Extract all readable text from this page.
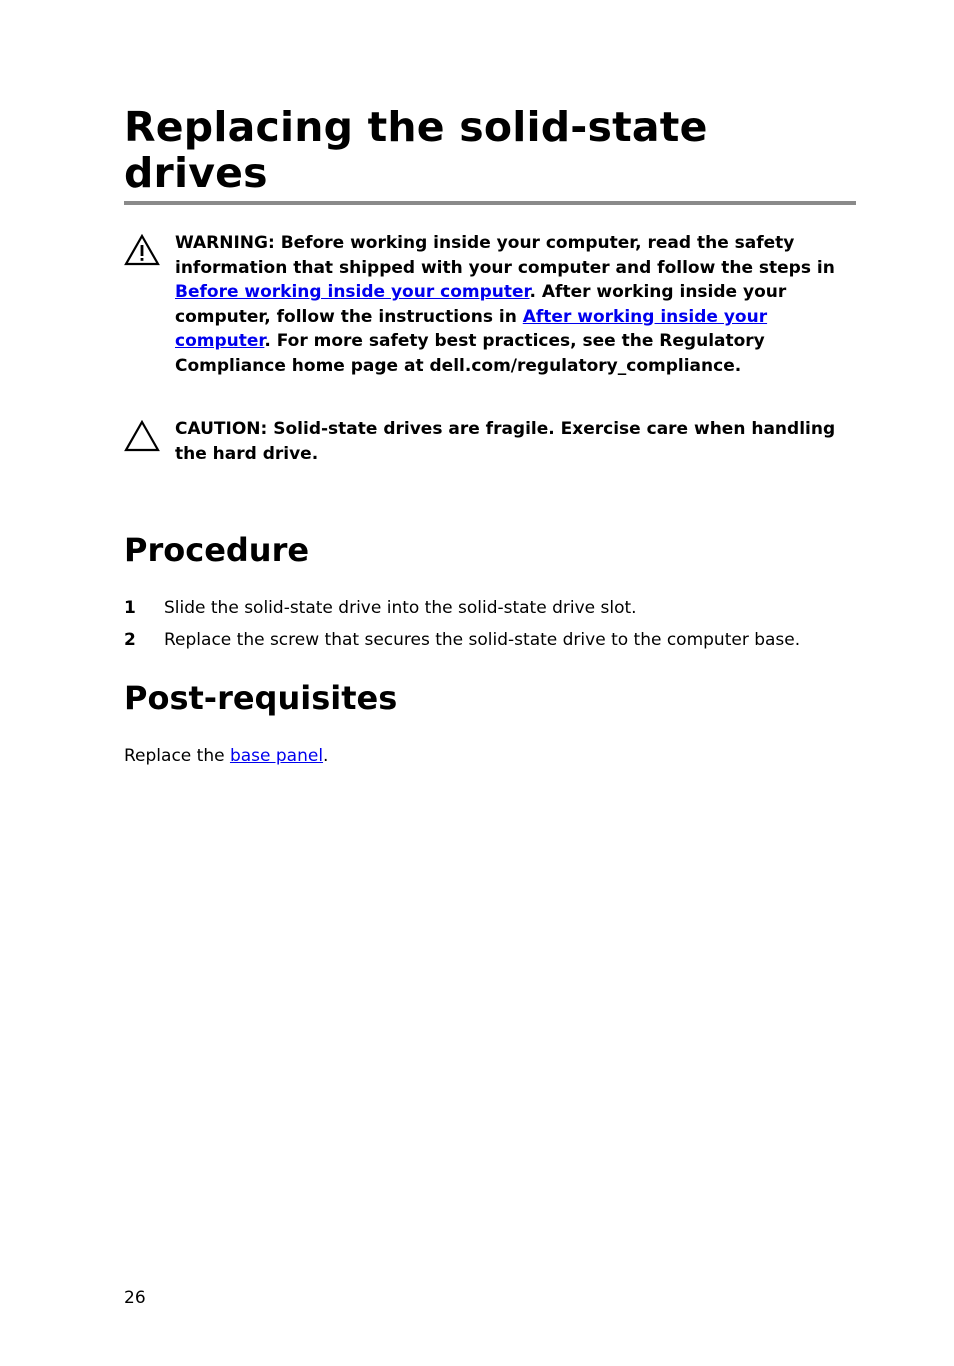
Replacing the solid-state drives

WARNING: Before working inside your computer, read the safety information that shipped with your computer and follow the steps in Before working inside your computer. After working inside your computer, follow the instructions in After working inside your computer. For more safety best practices, see the Regulatory Compliance home page at dell.com/regulatory_compliance.

CAUTION: Solid-state drives are fragile. Exercise care when handling the hard drive.

Procedure
1 Slide the solid-state drive into the solid-state drive slot.
2 Replace the screw that secures the solid-state drive to the computer base.
Post-requisites

Replace the base panel.

26
